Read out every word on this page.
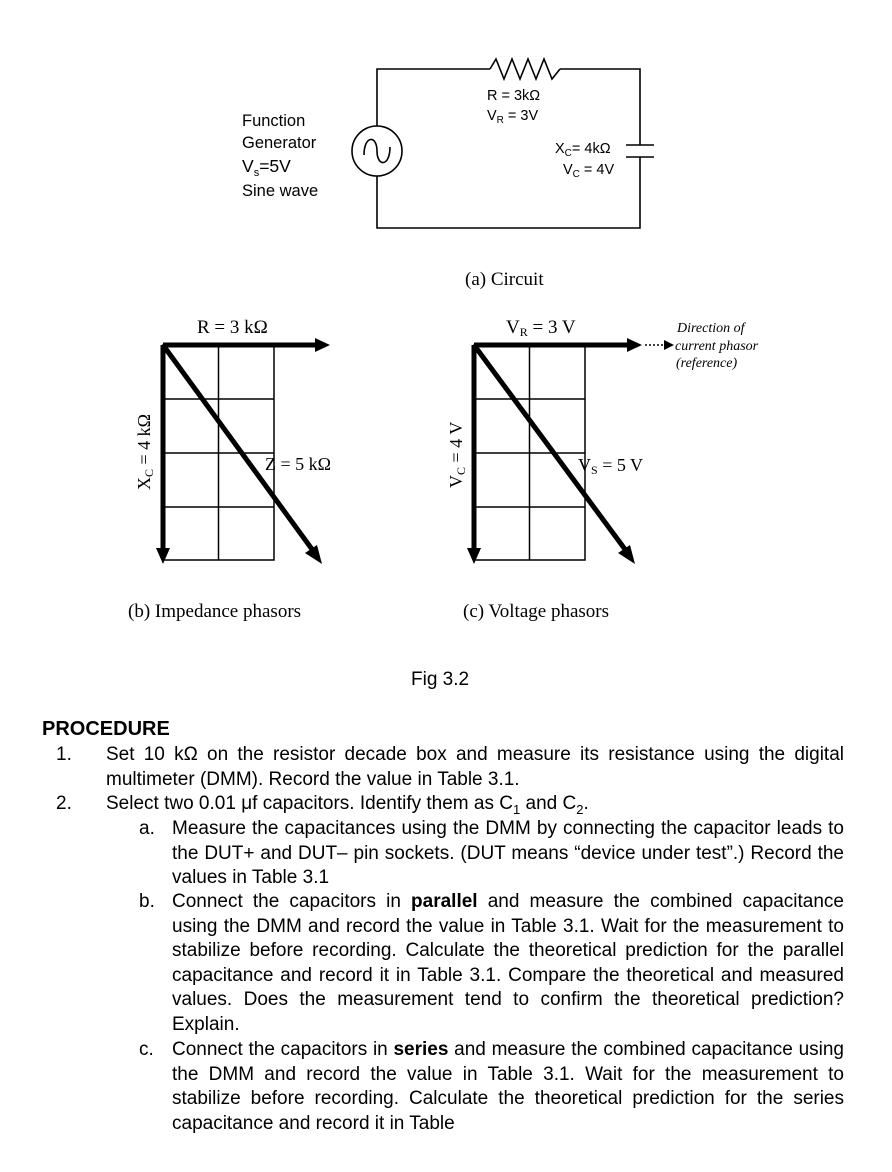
Function
Generator
$V_s=5V$
Sine wave
R = 3kΩ
$V_R = 3V$
$X_C= 4k\Omega$
$V_C = 4V$
(a) Circuit
R = 3 kΩ
XC = 4 kΩ	Z = 5 kΩ
(b) Impedance phasors
VR = 3 V
VC = 4 V	VS = 5 V
Direction of
current phasor
(reference)
(c) Voltage phasors
Fig 3.2
PROCEDURE
1. Set 10 kΩ on the resistor decade box and measure its resistance using the digital multimeter (DMM). Record the value in Table 3.1.
2. Select two 0.01 μf capacitors. Identify them as $C_1$ and $C_2$.
a. Measure the capacitances using the DMM by connecting the capacitor leads to the DUT+ and DUT– pin sockets. (DUT means “device under test”.) Record the values in Table 3.1
b. Connect the capacitors in parallel and measure the combined capacitance using the DMM and record the value in Table 3.1. Wait for the measurement to stabilize before recording. Calculate the theoretical prediction for the parallel capacitance and record it in Table 3.1. Compare the theoretical and measured values. Does the measurement tend to confirm the theoretical prediction? Explain.
c. Connect the capacitors in series and measure the combined capacitance using the DMM and record the value in Table 3.1. Wait for the measurement to stabilize before recording. Calculate the theoretical prediction for the series capacitance and record it in Table
